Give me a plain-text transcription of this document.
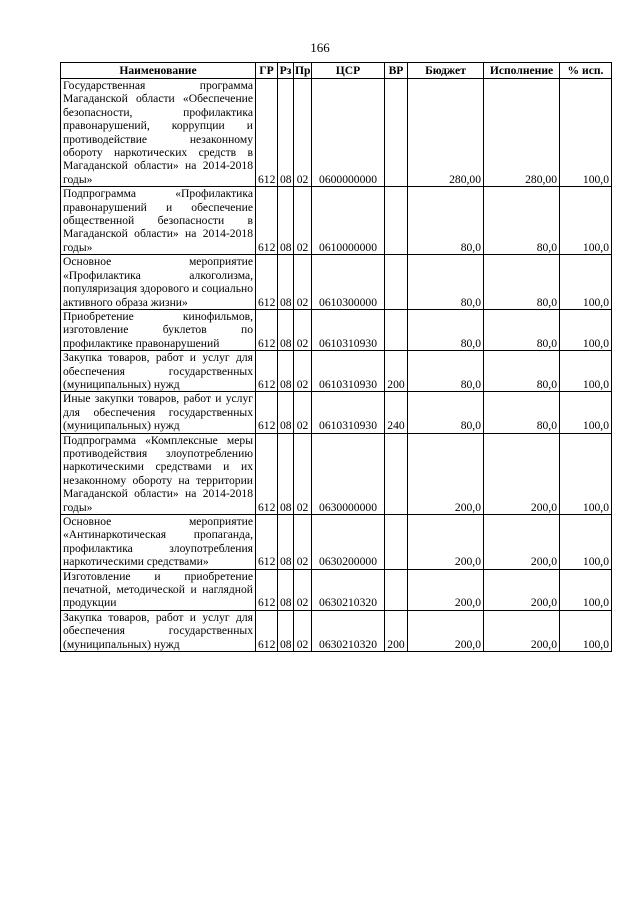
166
Наименование	ГР	Рз	Пр	ЦСР	ВР	Бюджет	Исполнение	% исп.
Государственная программа Магаданской области «Обеспечение безопасности, профилактика правонарушений, коррупции и противодействие незаконному обороту наркотических средств в Магаданской области» на 2014-2018 годы»	612	08	02	0600000000		280,00	280,00	100,0
Подпрограмма «Профилактика правонарушений и обеспечение общественной безопасности в Магаданской области» на 2014-2018 годы»	612	08	02	0610000000		80,0	80,0	100,0
Основное мероприятие «Профилактика алкоголизма, популяризация здорового и социально активного образа жизни»	612	08	02	0610300000		80,0	80,0	100,0
Приобретение кинофильмов, изготовление буклетов по профилактике правонарушений	612	08	02	0610310930		80,0	80,0	100,0
Закупка товаров, работ и услуг для обеспечения государственных (муниципальных) нужд	612	08	02	0610310930	200	80,0	80,0	100,0
Иные закупки товаров, работ и услуг для обеспечения государственных (муниципальных) нужд	612	08	02	0610310930	240	80,0	80,0	100,0
Подпрограмма «Комплексные меры противодействия злоупотреблению наркотическими средствами и их незаконному обороту на территории Магаданской области» на 2014-2018 годы»	612	08	02	0630000000		200,0	200,0	100,0
Основное мероприятие «Антинаркотическая пропаганда, профилактика злоупотребления наркотическими средствами»	612	08	02	0630200000		200,0	200,0	100,0
Изготовление и приобретение печатной, методической и наглядной продукции	612	08	02	0630210320		200,0	200,0	100,0
Закупка товаров, работ и услуг для обеспечения государственных (муниципальных) нужд	612	08	02	0630210320	200	200,0	200,0	100,0
